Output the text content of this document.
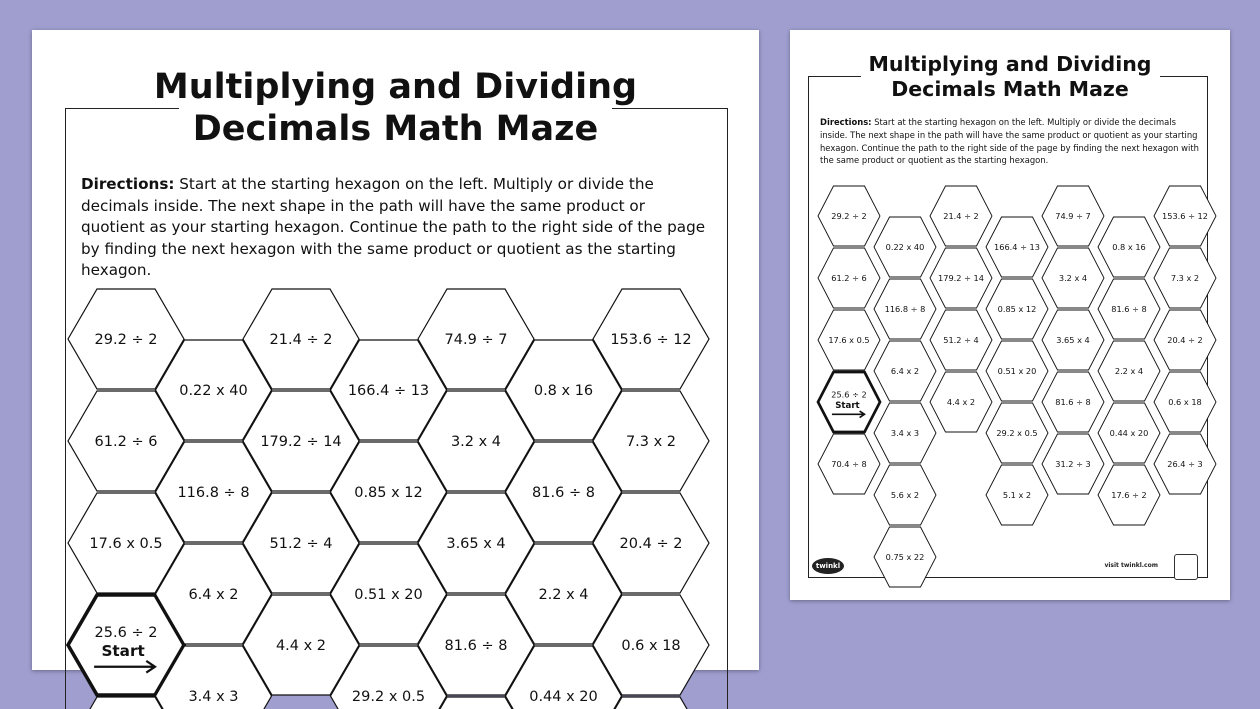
Multiplying and Dividing
Decimals Math Maze
Directions: Start at the starting hexagon on the left. Multiply or divide the decimals inside. The next shape in the path will have the same product or quotient as your starting hexagon. Continue the path to the right side of the page by finding the next hexagon with the same product or quotient as the starting hexagon.
29.2 ÷ 2
61.2 ÷ 6
17.6 x 0.5
25.6 ÷ 2
Start
0.22 x 40
116.8 ÷ 8
6.4 x 2
3.4 x 3
21.4 ÷ 2
179.2 ÷ 14
51.2 ÷ 4
4.4 x 2
166.4 ÷ 13
0.85 x 12
0.51 x 20
29.2 x 0.5
74.9 ÷ 7
3.2 x 4
3.65 x 4
81.6 ÷ 8
0.8 x 16
81.6 ÷ 8
2.2 x 4
0.44 x 20
153.6 ÷ 12
7.3 x 2
20.4 ÷ 2
0.6 x 18
Multiplying and Dividing
Decimals Math Maze
Directions: Start at the starting hexagon on the left. Multiply or divide the decimals inside. The next shape in the path will have the same product or quotient as your starting hexagon. Continue the path to the right side of the page by finding the next hexagon with the same product or quotient as the starting hexagon.
29.2 ÷ 2
61.2 ÷ 6
17.6 x 0.5
25.6 ÷ 2
Start
70.4 ÷ 8
0.22 x 40
116.8 ÷ 8
6.4 x 2
3.4 x 3
5.6 x 2
0.75 x 22
21.4 ÷ 2
179.2 ÷ 14
51.2 ÷ 4
4.4 x 2
166.4 ÷ 13
0.85 x 12
0.51 x 20
29.2 x 0.5
5.1 x 2
74.9 ÷ 7
3.2 x 4
3.65 x 4
81.6 ÷ 8
31.2 ÷ 3
0.8 x 16
81.6 ÷ 8
2.2 x 4
0.44 x 20
17.6 ÷ 2
153.6 ÷ 12
7.3 x 2
20.4 ÷ 2
0.6 x 18
26.4 ÷ 3
twinkl	visit twinkl.com
